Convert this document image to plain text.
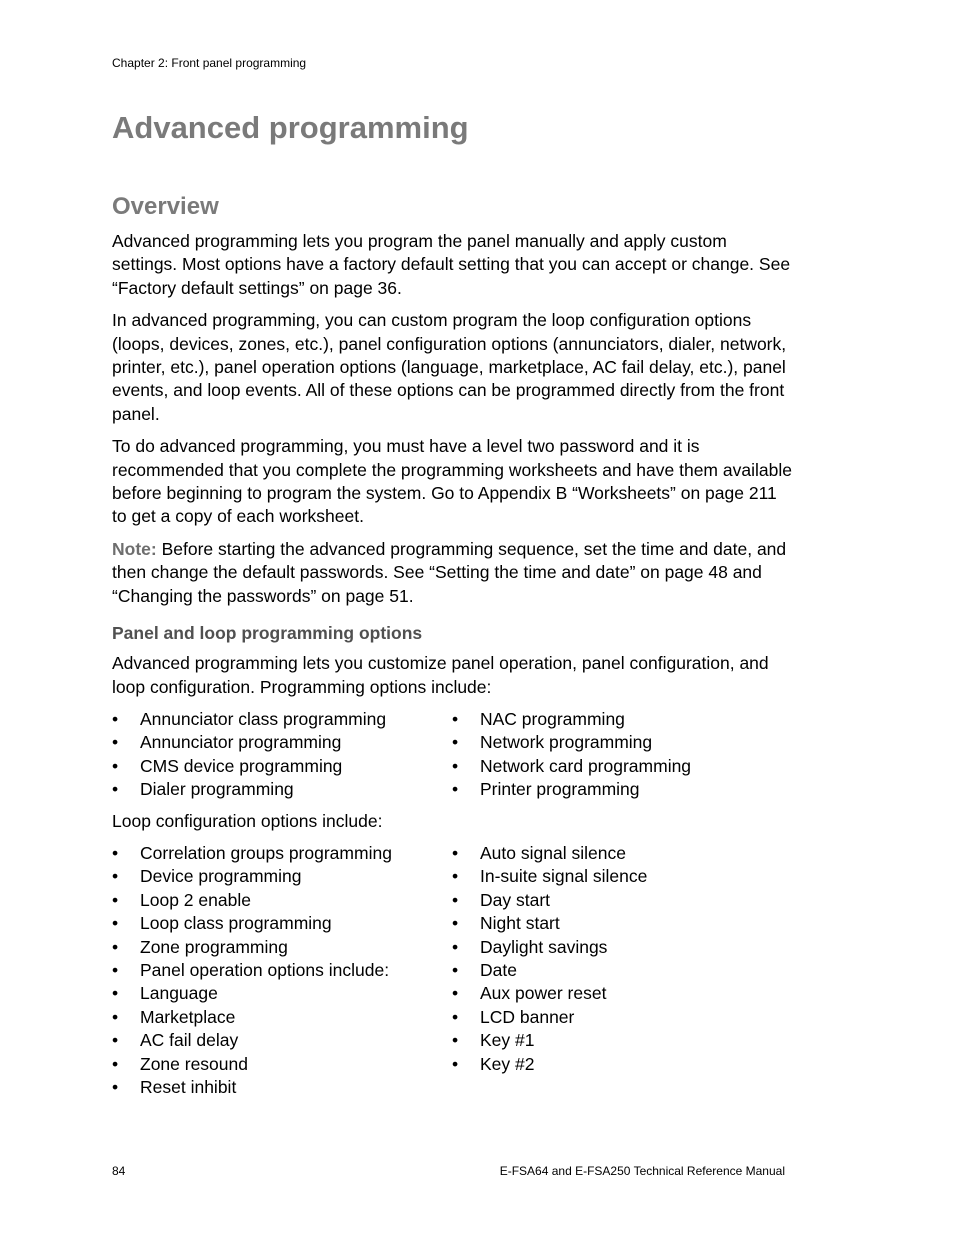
Chapter 2: Front panel programming
Advanced programming
Overview

Advanced programming lets you program the panel manually and apply custom settings. Most options have a factory default setting that you can accept or change. See “Factory default settings” on page 36.

In advanced programming, you can custom program the loop configuration options (loops, devices, zones, etc.), panel configuration options (annunciators, dialer, network, printer, etc.), panel operation options (language, marketplace, AC fail delay, etc.), panel events, and loop events. All of these options can be programmed directly from the front panel.

To do advanced programming, you must have a level two password and it is recommended that you complete the programming worksheets and have them available before beginning to program the system. Go to Appendix B “Worksheets” on page 211 to get a copy of each worksheet.

Note: Before starting the advanced programming sequence, set the time and date, and then change the default passwords. See “Setting the time and date” on page 48 and “Changing the passwords” on page 51.

Panel and loop programming options

Advanced programming lets you customize panel operation, panel configuration, and loop configuration. Programming options include:

•	Annunciator class programming
•	Annunciator programming
•	CMS device programming
•	Dialer programming
•	NAC programming
•	Network programming
•	Network card programming
•	Printer programming

Loop configuration options include:

•	Correlation groups programming
•	Device programming
•	Loop 2 enable
•	Loop class programming
•	Zone programming
•	Panel operation options include:
•	Language
•	Marketplace
•	AC fail delay
•	Zone resound
•	Reset inhibit
•	Auto signal silence
•	In-suite signal silence
•	Day start
•	Night start
•	Daylight savings
•	Date
•	Aux power reset
•	LCD banner
•	Key #1
•	Key #2
84	E-FSA64 and E-FSA250 Technical Reference Manual
